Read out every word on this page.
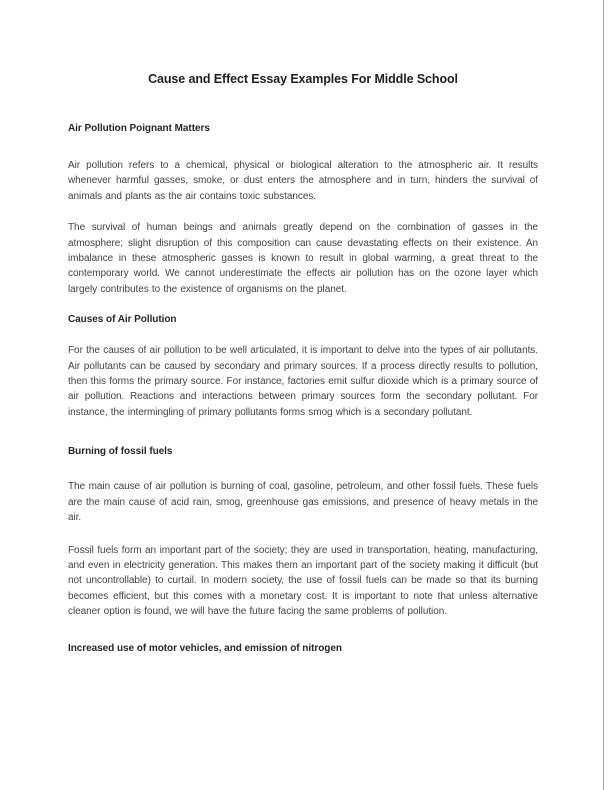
Cause and Effect Essay Examples For Middle School
Air Pollution Poignant Matters

Air pollution refers to a chemical, physical or biological alteration to the atmospheric air. It results whenever harmful gasses, smoke, or dust enters the atmosphere and in turn, hinders the survival of animals and plants as the air contains toxic substances.

The survival of human beings and animals greatly depend on the combination of gasses in the atmosphere; slight disruption of this composition can cause devastating effects on their existence. An imbalance in these atmospheric gasses is known to result in global warming, a great threat to the contemporary world. We cannot underestimate the effects air pollution has on the ozone layer which largely contributes to the existence of organisms on the planet.

Causes of Air Pollution

For the causes of air pollution to be well articulated, it is important to delve into the types of air pollutants. Air pollutants can be caused by secondary and primary sources. If a process directly results to pollution, then this forms the primary source. For instance, factories emit sulfur dioxide which is a primary source of air pollution. Reactions and interactions between primary sources form the secondary pollutant. For instance, the intermingling of primary pollutants forms smog which is a secondary pollutant.

Burning of fossil fuels

The main cause of air pollution is burning of coal, gasoline, petroleum, and other fossil fuels. These fuels are the main cause of acid rain, smog, greenhouse gas emissions, and presence of heavy metals in the air.

Fossil fuels form an important part of the society; they are used in transportation, heating, manufacturing, and even in electricity generation. This makes them an important part of the society making it difficult (but not uncontrollable) to curtail. In modern society, the use of fossil fuels can be made so that its burning becomes efficient, but this comes with a monetary cost. It is important to note that unless alternative cleaner option is found, we will have the future facing the same problems of pollution.

Increased use of motor vehicles, and emission of nitrogen
